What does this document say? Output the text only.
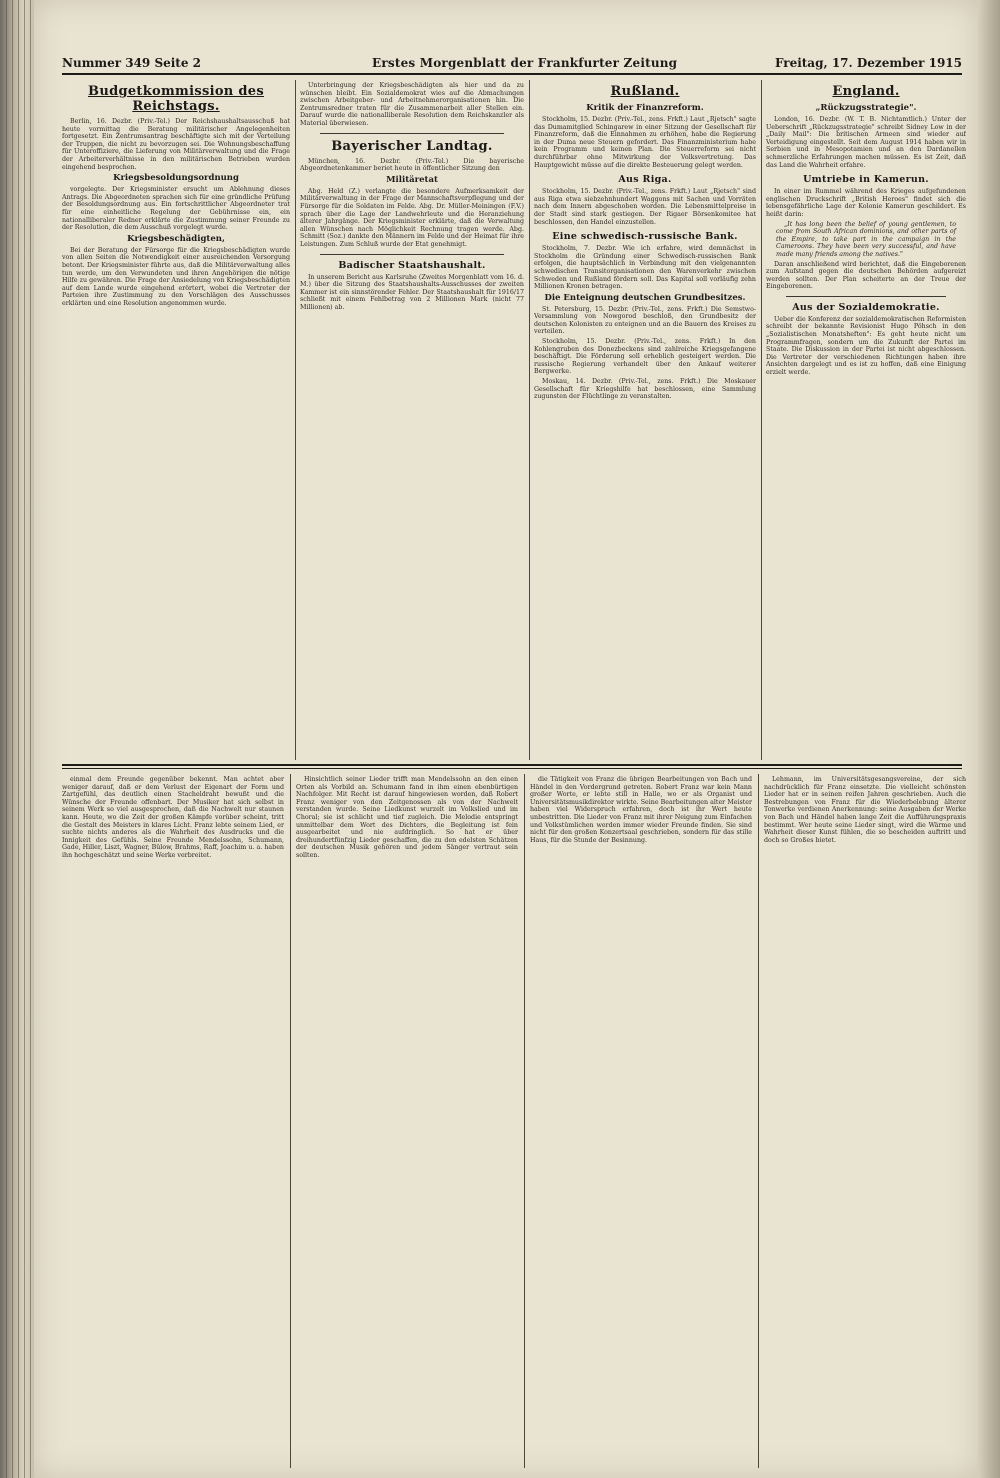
Nummer 349 Seite 2	Erstes Morgenblatt der Frankfurter Zeitung	Freitag, 17. Dezember 1915
Budgetkommission des Reichstags.

Berlin, 16. Dezbr. (Priv.-Tel.) Der Reichshaushaltsausschuß hat heute vormittag die Beratung militärischer Angelegenheiten fortgesetzt. Ein Zentrumsantrag beschäftigte sich mit der Verteilung der Truppen, die nicht zu bevorzugen sei. Die Wohnungsbeschaffung für Unteroffiziere, die Lieferung von Militärverwaltung und die Frage der Arbeiterverhältnisse in den militärischen Betrieben wurden eingehend besprochen.

Kriegsbesoldungsordnung

vorgelegte. Der Kriegsminister ersucht um Ablehnung dieses Antrags. Die Abgeordneten sprachen sich für eine gründliche Prüfung der Besoldungsordnung aus. Ein fortschrittlicher Abgeordneter trat für eine einheitliche Regelung der Gebührnisse ein, ein nationalliberaler Redner erklärte die Zustimmung seiner Freunde zu der Resolution, die dem Ausschuß vorgelegt wurde.

Kriegsbeschädigten,

Bei der Beratung der Fürsorge für die Kriegsbeschädigten wurde von allen Seiten die Notwendigkeit einer ausreichenden Versorgung betont. Der Kriegsminister führte aus, daß die Militärverwaltung alles tun werde, um den Verwundeten und ihren Angehörigen die nötige Hilfe zu gewähren. Die Frage der Ansiedelung von Kriegsbeschädigten auf dem Lande wurde eingehend erörtert, wobei die Vertreter der Parteien ihre Zustimmung zu den Vorschlägen des Ausschusses erklärten und eine Resolution angenommen wurde.

Unterbringung der Kriegsbeschädigten als hier und da zu wünschen bleibt. Ein Sozialdemokrat wies auf die Abmachungen zwischen Arbeitgeber- und Arbeitnehmerorganisationen hin. Die Zentrumsredner traten für die Zusammenarbeit aller Stellen ein. Darauf wurde die nationalliberale Resolution dem Reichskanzler als Material überwiesen.

Bayerischer Landtag.

München, 16. Dezbr. (Priv.-Tel.) Die bayerische Abgeordnetenkammer beriet heute in öffentlicher Sitzung den

Militäretat

Abg. Held (Z.) verlangte die besondere Aufmerksamkeit der Militärverwaltung in der Frage der Mannschaftsverpflegung und der Fürsorge für die Soldaten im Felde. Abg. Dr. Müller-Meiningen (F.V.) sprach über die Lage der Landwehrleute und die Heranziehung älterer Jahrgänge. Der Kriegsminister erklärte, daß die Verwaltung allen Wünschen nach Möglichkeit Rechnung tragen werde. Abg. Schmitt (Soz.) dankte den Männern im Felde und der Heimat für ihre Leistungen. Zum Schluß wurde der Etat genehmigt.

Badischer Staatshaushalt.

In unserem Bericht aus Karlsruhe (Zweites Morgenblatt vom 16. d. M.) über die Sitzung des Staatshaushalts-Ausschusses der zweiten Kammer ist ein sinnstörender Fehler. Der Staatshaushalt für 1916/17 schließt mit einem Fehlbetrag von 2 Millionen Mark (nicht 77 Millionen) ab.

Rußland.
Kritik der Finanzreform.

Stockholm, 15. Dezbr. (Priv.-Tel., zens. Frkft.) Laut „Rjetsch" sagte das Dumamitglied Schingarew in einer Sitzung der Gesellschaft für Finanzreform, daß die Einnahmen zu erhöhen, habe die Regierung in der Duma neue Steuern gefordert. Das Finanzministerium habe kein Programm und keinen Plan. Die Steuerreform sei nicht durchführbar ohne Mitwirkung der Volksvertretung. Das Hauptgewicht müsse auf die direkte Besteuerung gelegt werden.

Aus Riga.

Stockholm, 15. Dezbr. (Priv.-Tel., zens. Frkft.) Laut „Rjetsch" sind aus Riga etwa siebzehnhundert Waggons mit Sachen und Vorräten nach dem Innern abgeschoben worden. Die Lebensmittelpreise in der Stadt sind stark gestiegen. Der Rigaer Börsenkomitee hat beschlossen, den Handel einzustellen.

Eine schwedisch-russische Bank.

Stockholm, 7. Dezbr. Wie ich erfahre, wird demnächst in Stockholm die Gründung einer Schwedisch-russischen Bank erfolgen, die hauptsächlich in Verbindung mit den vielgenannten schwedischen Transitorganisationen den Warenverkehr zwischen Schweden und Rußland fördern soll. Das Kapital soll vorläufig zehn Millionen Kronen betragen.

Die Enteignung deutschen Grundbesitzes.

St. Petersburg, 15. Dezbr. (Priv.-Tel., zens. Frkft.) Die Semstwo-Versammlung von Nowgorod beschloß, den Grundbesitz der deutschen Kolonisten zu enteignen und an die Bauern des Kreises zu verteilen.

Stockholm, 15. Dezbr. (Priv.-Tel., zens. Frkft.) In den Kohlengruben des Donezbeckens sind zahlreiche Kriegsgefangene beschäftigt. Die Förderung soll erheblich gesteigert werden. Die russische Regierung verhandelt über den Ankauf weiterer Bergwerke.

Moskau, 14. Dezbr. (Priv.-Tel., zens. Frkft.) Die Moskauer Gesellschaft für Kriegshilfe hat beschlossen, eine Sammlung zugunsten der Flüchtlinge zu veranstalten.

England.
„Rückzugsstrategie".

London, 16. Dezbr. (W. T. B. Nichtamtlich.) Unter der Ueberschrift „Rückzugsstrategie" schreibt Sidney Low in der „Daily Mail": Die britischen Armeen sind wieder auf Verteidigung eingestellt. Seit dem August 1914 haben wir in Serbien und in Mesopotamien und an den Dardanellen schmerzliche Erfahrungen machen müssen. Es ist Zeit, daß das Land die Wahrheit erfahre.

Umtriebe in Kamerun.

In einer im Rummel während des Krieges aufgefundenen englischen Druckschrift „British Heroes" findet sich die lebensgefährliche Lage der Kolonie Kamerun geschildert. Es heißt darin:

„It has long been the belief of young gentlemen, to come from South African dominions, and other parts of the Empire, to take part in the campaign in the Cameroons. They have been very successful, and have made many friends among the natives."

Daran anschließend wird berichtet, daß die Eingeborenen zum Aufstand gegen die deutschen Behörden aufgereizt werden sollten. Der Plan scheiterte an der Treue der Eingeborenen.

Aus der Sozialdemokratie.

Ueber die Konferenz der sozialdemokratischen Reformisten schreibt der bekannte Revisionist Hugo Pöhsch in den „Sozialistischen Monatsheften": Es geht heute nicht um Programmfragen, sondern um die Zukunft der Partei im Staate. Die Diskussion in der Partei ist nicht abgeschlossen. Die Vertreter der verschiedenen Richtungen haben ihre Ansichten dargelegt und es ist zu hoffen, daß eine Einigung erzielt werde.

einmal dem Freunde gegenüber bekennt. Man achtet aber weniger darauf, daß er dem Verlust der Eigenart der Form und Zartgefühl, das deutlich einen Stacheldraht bewußt und die Wünsche der Freunde offenbart. Der Musiker hat sich selbst in seinem Werk so viel ausgesprochen, daß die Nachwelt nur staunen kann. Heute, wo die Zeit der großen Kämpfe vorüber scheint, tritt die Gestalt des Meisters in klares Licht. Franz lebte seinem Lied, er suchte nichts anderes als die Wahrheit des Ausdrucks und die Innigkeit des Gefühls. Seine Freunde Mendelssohn, Schumann, Gade, Hiller, Liszt, Wagner, Bülow, Brahms, Raff, Joachim u. a. haben ihn hochgeschätzt und seine Werke verbreitet.

Hinsichtlich seiner Lieder trifft man Mendelssohn an den einen Orten als Vorbild an. Schumann fand in ihm einen ebenbürtigen Nachfolger. Mit Recht ist darauf hingewiesen worden, daß Robert Franz weniger von den Zeitgenossen als von der Nachwelt verstanden wurde. Seine Liedkunst wurzelt im Volkslied und im Choral; sie ist schlicht und tief zugleich. Die Melodie entspringt unmittelbar dem Wort des Dichters, die Begleitung ist fein ausgearbeitet und nie aufdringlich. So hat er über dreihundertfünfzig Lieder geschaffen, die zu den edelsten Schätzen der deutschen Musik gehören und jedem Sänger vertraut sein sollten.

die Tätigkeit von Franz die übrigen Bearbeitungen von Bach und Händel in den Vordergrund getreten. Robert Franz war kein Mann großer Worte, er lebte still in Halle, wo er als Organist und Universitätsmusikdirektor wirkte. Seine Bearbeitungen alter Meister haben viel Widerspruch erfahren, doch ist ihr Wert heute unbestritten. Die Lieder von Franz mit ihrer Neigung zum Einfachen und Volkstümlichen werden immer wieder Freunde finden. Sie sind nicht für den großen Konzertsaal geschrieben, sondern für das stille Haus, für die Stunde der Besinnung.

Lehmann, im Universitätsgesangsvereine, der sich nachdrücklich für Franz einsetzte. Die vielleicht schönsten Lieder hat er in seinen reifen Jahren geschrieben. Auch die Bestrebungen von Franz für die Wiederbelebung älterer Tonwerke verdienen Anerkennung: seine Ausgaben der Werke von Bach und Händel haben lange Zeit die Aufführungspraxis bestimmt. Wer heute seine Lieder singt, wird die Wärme und Wahrheit dieser Kunst fühlen, die so bescheiden auftritt und doch so Großes bietet.
